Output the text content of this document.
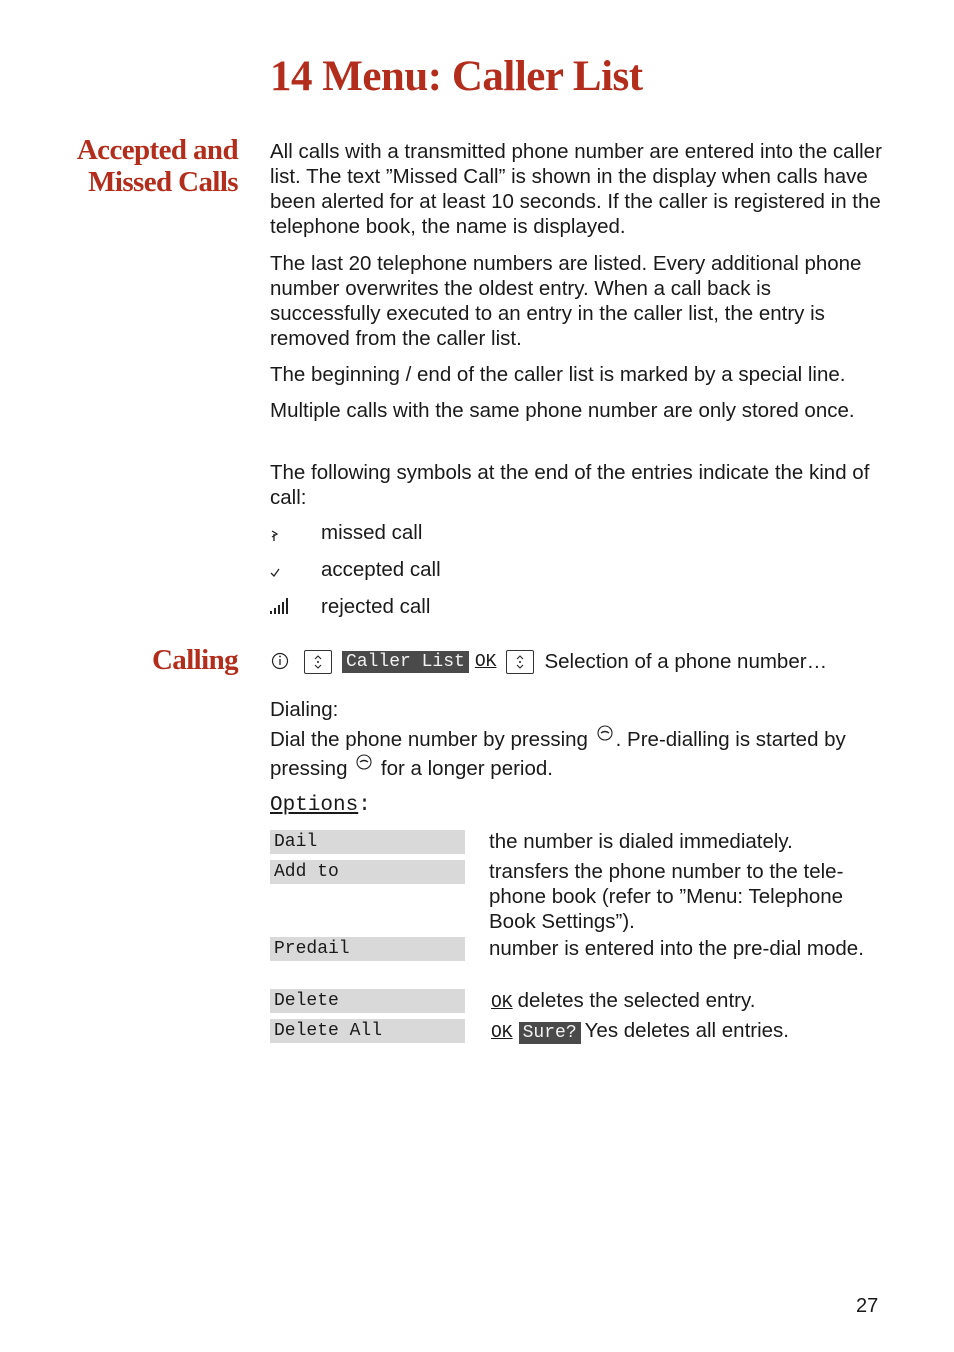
14 Menu: Caller List
Accepted and
Missed Calls

All calls with a transmitted phone number are entered into the caller list. The text ”Missed Call” is shown in the display when calls have been alerted for at least 10 seconds. If the caller is registered in the telephone book, the name is displayed.

The last 20 telephone numbers are listed. Every additional phone number overwrites the oldest entry. When a call back is successfully executed to an entry in the caller list, the entry is removed from the caller list.

The beginning / end of the caller list is marked by a special line.

Multiple calls with the same phone number are only stored once.

The following symbols at the end of the entries indicate the kind of call:

missed call
accepted call
rejected call
Calling	Caller List OK Selection of a phone number…
Dialing:
Dial the phone number by pressing . Pre-dialling is started by pressing for a longer period.
Options:
Dail	the number is dialed immediately.
Add to	transfers the phone number to the tele-phone book (refer to ”Menu: Telephone Book Settings”).
Predail	number is entered into the pre-dial mode.
Delete	OK deletes the selected entry.
Delete All	OK Sure? Yes deletes all entries.
27
